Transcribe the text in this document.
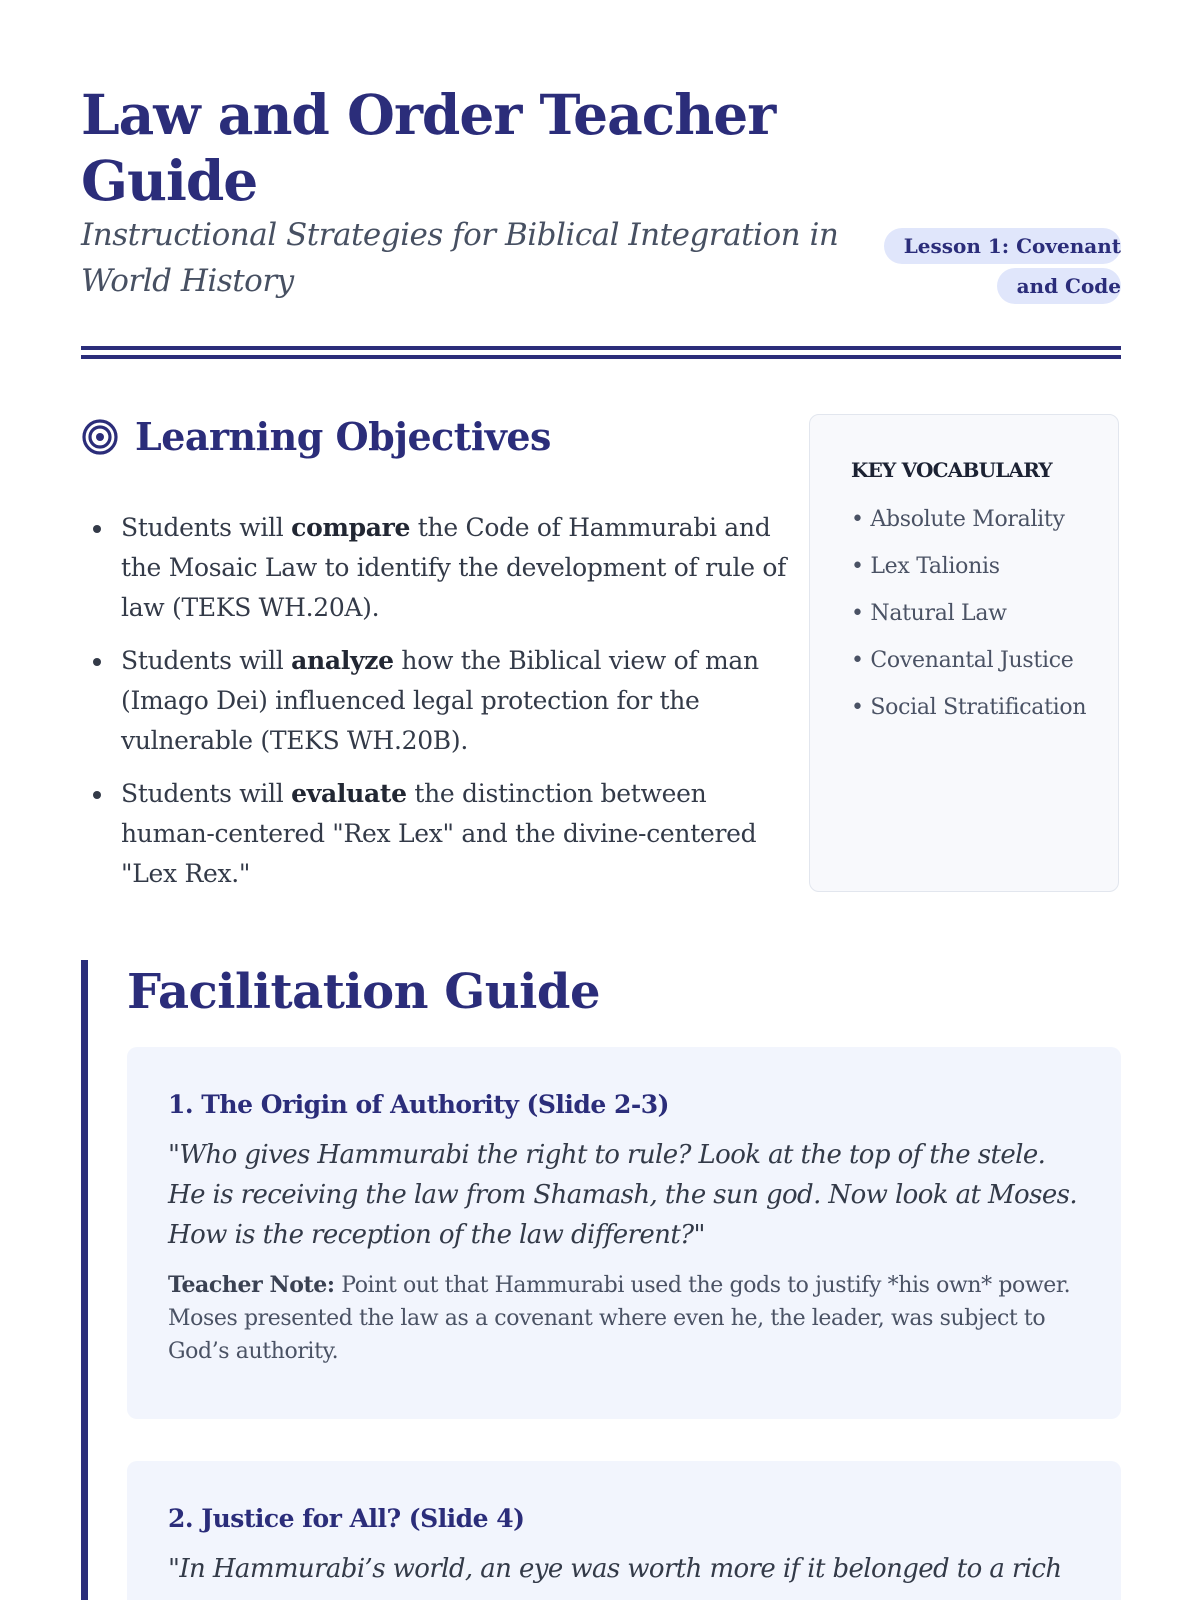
Law and Order Teacher Guide

Instructional Strategies for Biblical Integration in World History

Lesson 1: Covenant and Code
Learning Objectives
Students will compare the Code of Hammurabi and the Mosaic Law to identify the development of rule of law (TEKS WH.20A).
Students will analyze how the Biblical view of man (Imago Dei) influenced legal protection for the vulnerable (TEKS WH.20B).
Students will evaluate the distinction between human-centered "Rex Lex" and the divine-centered "Lex Rex."
KEY VOCABULARY
• Absolute Morality
• Lex Talionis
• Natural Law
• Covenantal Justice
• Social Stratification
Facilitation Guide
1. The Origin of Authority (Slide 2-3)

"Who gives Hammurabi the right to rule? Look at the top of the stele. He is receiving the law from Shamash, the sun god. Now look at Moses. How is the reception of the law different?"

Teacher Note: Point out that Hammurabi used the gods to justify *his own* power. Moses presented the law as a covenant where even he, the leader, was subject to God’s authority.

2. Justice for All? (Slide 4)

"In Hammurabi’s world, an eye was worth more if it belonged to a rich
